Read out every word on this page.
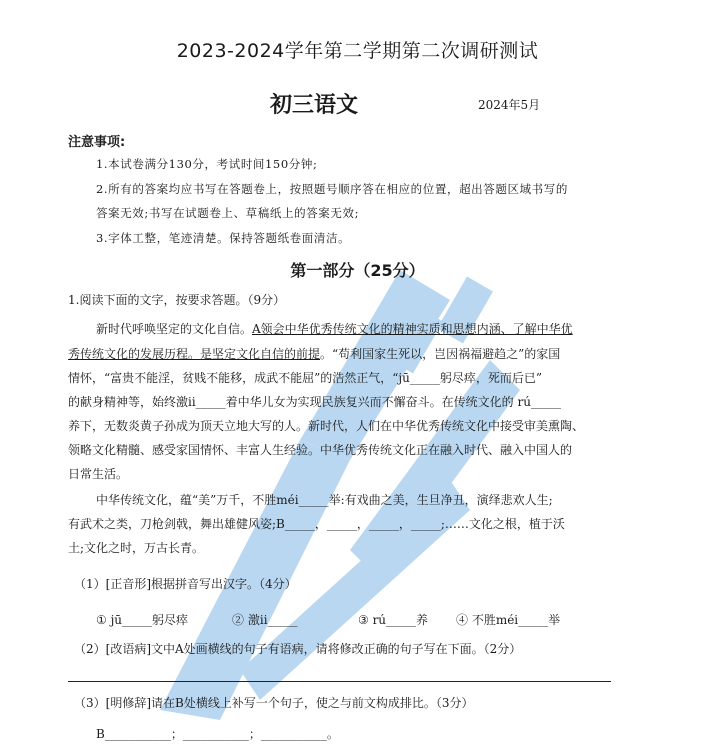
2023-2024学年第二学期第二次调研测试
初三语文	2024年5月
注意事项:
1.本试卷满分130分，考试时间150分钟;
2.所有的答案均应书写在答题卷上，按照题号顺序答在相应的位置，超出答题区域书写的
答案无效;书写在试题卷上、草稿纸上的答案无效;
3.字体工整，笔迹清楚。保持答题纸卷面清洁。
第一部分（25分）
1.阅读下面的文字，按要求答题。（9分）
新时代呼唤坚定的文化自信。A领会中华优秀传统文化的精神实质和思想内涵、了解中华优
秀传统文化的发展历程。是坚定文化自信的前提。“苟利国家生死以，岂因祸福避趋之”的家国
情怀，“富贵不能淫，贫贱不能移，成武不能屈”的浩然正气，“jū_____躬尽瘁，死而后已”
的献身精神等，始终激ⅱ_____着中华儿女为实现民族复兴而不懈奋斗。在传统文化的 rú_____
养下，无数炎黄子孙成为顶天立地大写的人。新时代，人们在中华优秀传统文化中接受审美熏陶、
领略文化精髓、感受家国情怀、丰富人生经验。中华优秀传统文化正在融入时代、融入中国人的
日常生活。
中华传统文化，蕴“美”万千，不胜méi_____举:有戏曲之美，生旦净丑，演绎悲欢人生;
有武术之类，刀枪剑戟，舞出雄健风姿;B_____，_____，_____，_____;……文化之根，植于沃
土;文化之时，万古长青。
（1）[正音形]根据拼音写出汉字。（4分）
① jū_____躬尽瘁	② 激ⅱ_____	③ rú_____养 ④ 不胜méi_____举
（2）[改语病]文中A处画横线的句子有语病，请将修改正确的句子写在下面。（2分）
（3）[明修辞]请在B处横线上补写一个句子，使之与前文构成排比。（3分）
B___________；___________；___________。
